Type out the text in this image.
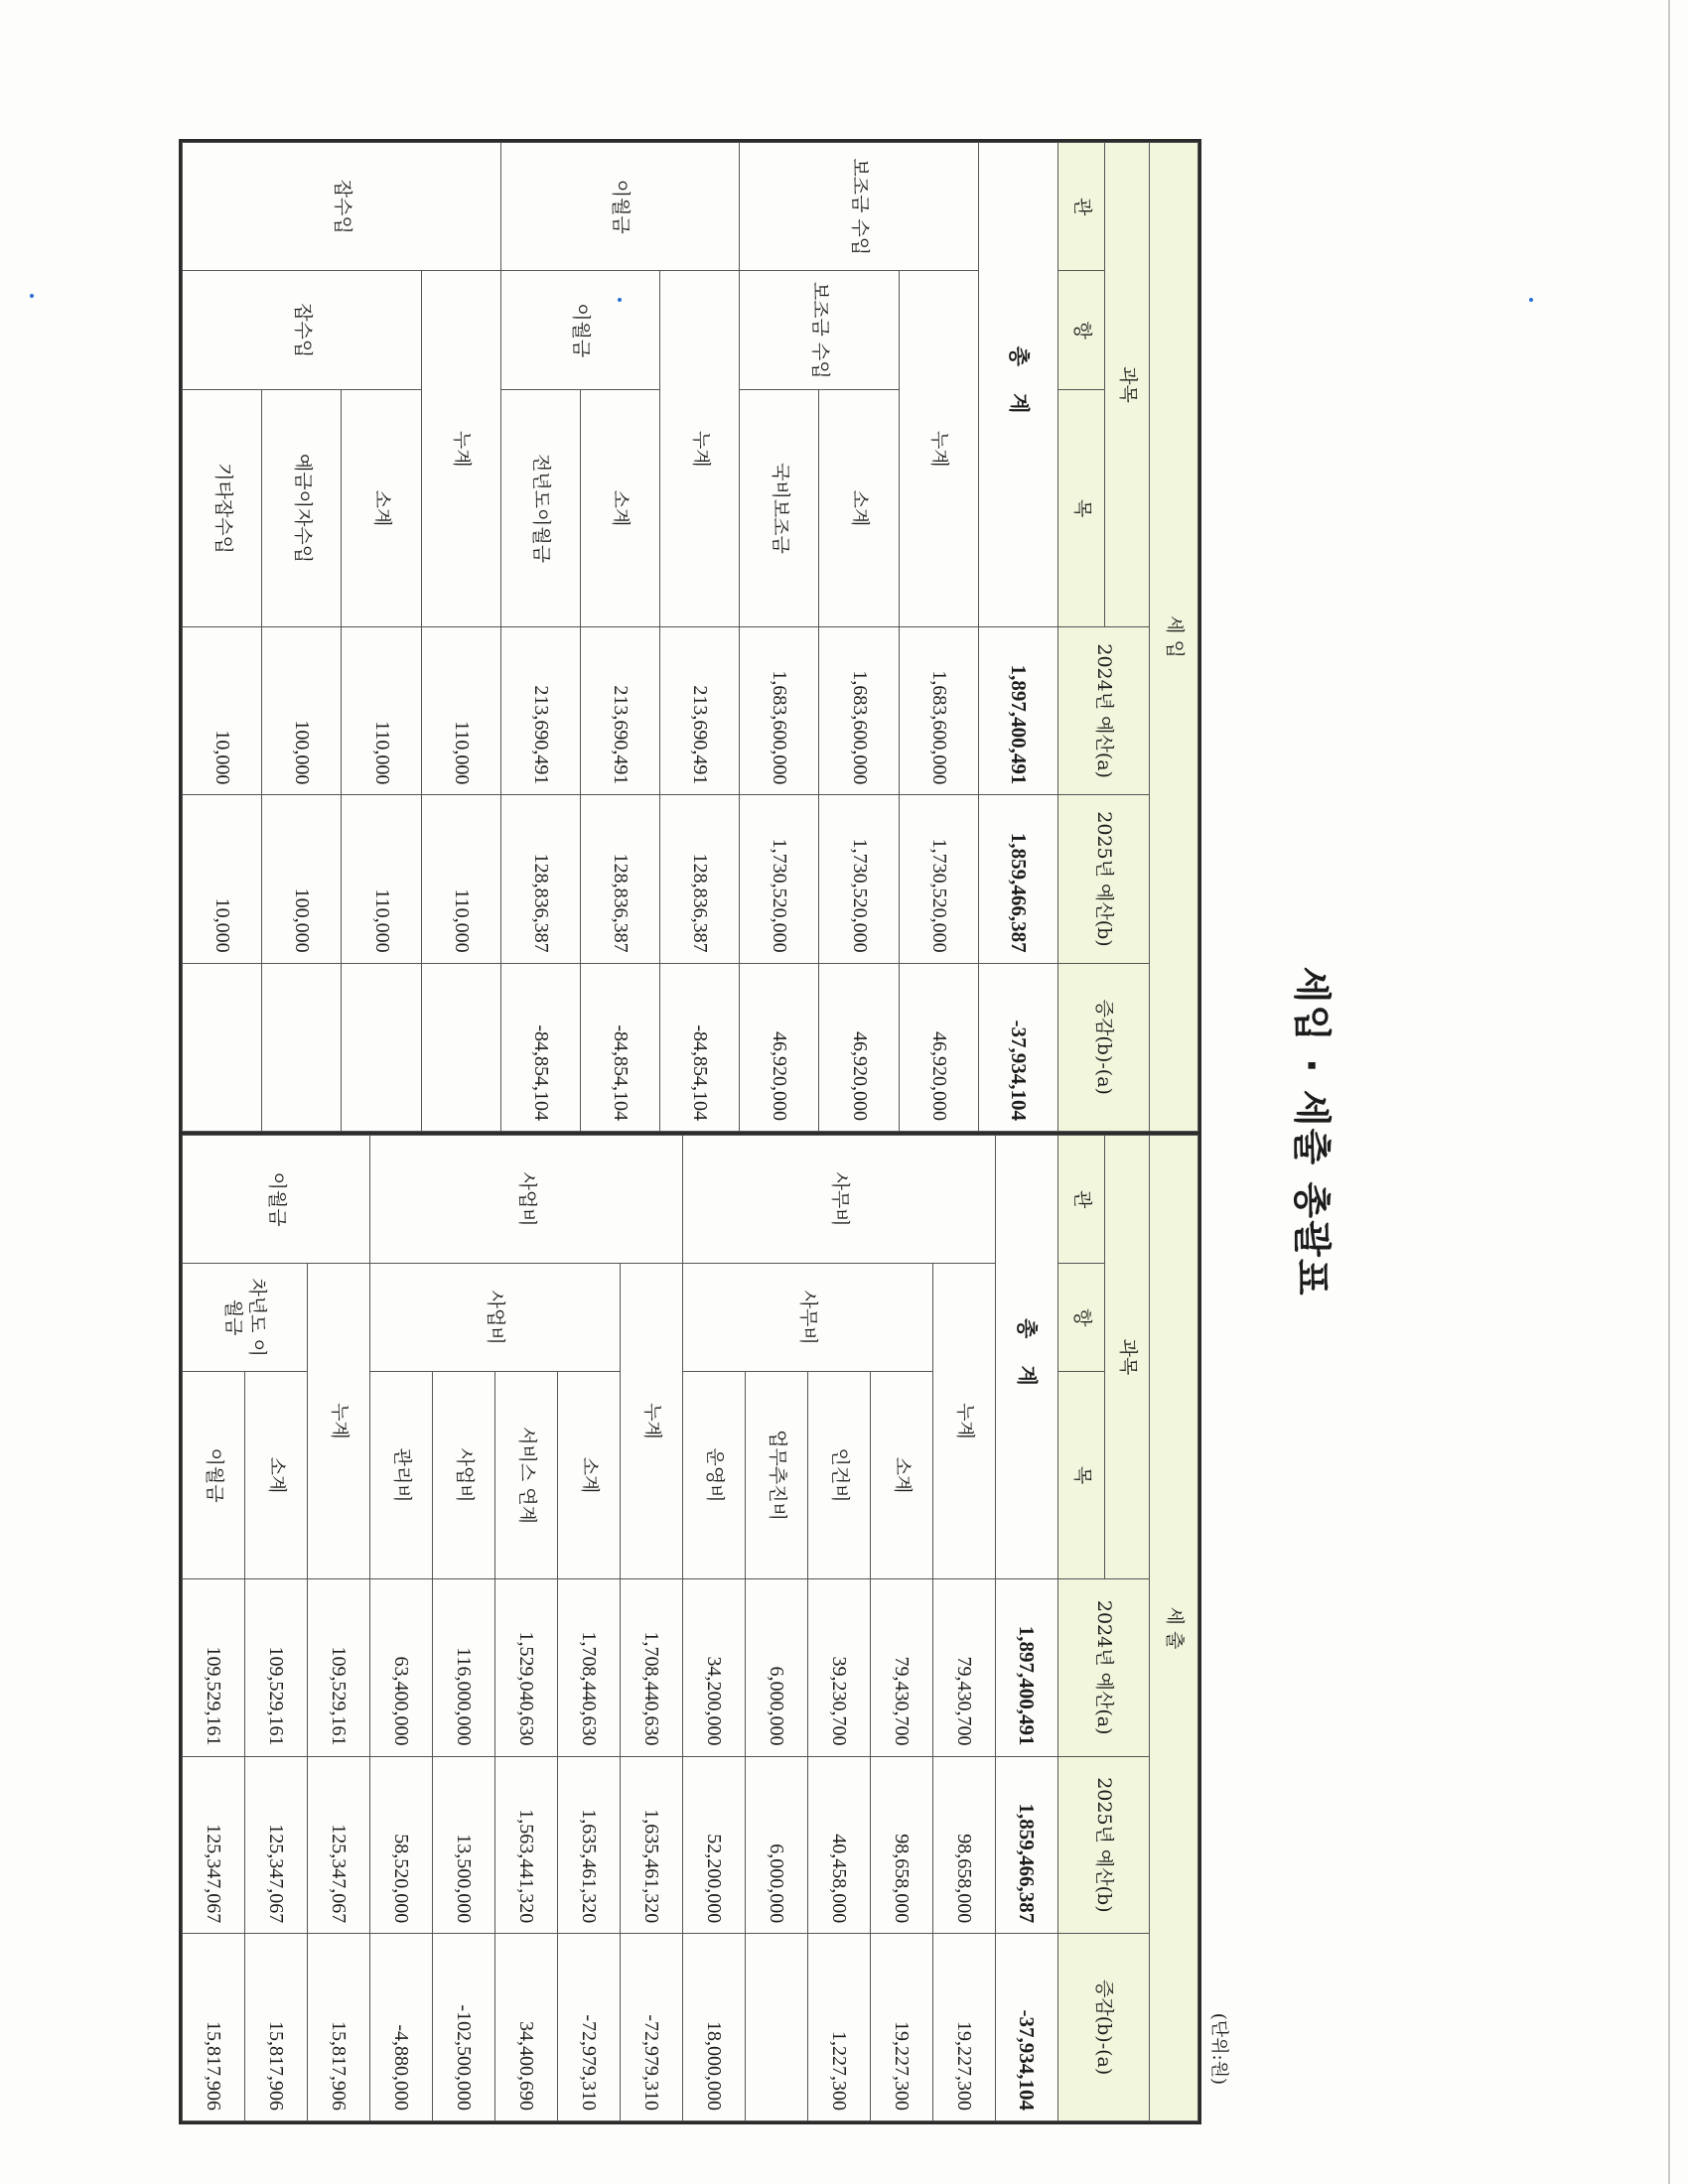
세입 · 세출 총괄표
(단위:원)
세 입					
과목			2024년 예산(a)	2025년 예산(b)	증감(b)-(a)
관	항	목			
총 계			1,897,400,491	1,859,466,387	-37,934,104
보조금 수입	누계		1,683,600,000	1,730,520,000	46,920,000
	보조금 수입	소계	1,683,600,000	1,730,520,000	46,920,000
		국비보조금	1,683,600,000	1,730,520,000	46,920,000
이월금	누계		213,690,491	128,836,387	-84,854,104
	이월금	소계	213,690,491	128,836,387	-84,854,104
		전년도이월금	213,690,491	128,836,387	-84,854,104
잡수입	누계		110,000	110,000	
	잡수입	소계	110,000	110,000	
		예금이자수입	100,000	100,000	
		기타잡수입	10,000	10,000	
세 출					
과목			2024년 예산(a)	2025년 예산(b)	증감(b)-(a)
관	항	목			
총 계			1,897,400,491	1,859,466,387	-37,934,104
사무비	누계		79,430,700	98,658,000	19,227,300
	사무비	소계	79,430,700	98,658,000	19,227,300
		인건비	39,230,700	40,458,000	1,227,300
		업무추진비	6,000,000	6,000,000	
		운영비	34,200,000	52,200,000	18,000,000
사업비	누계		1,708,440,630	1,635,461,320	-72,979,310
	사업비	소계	1,708,440,630	1,635,461,320	-72,979,310
		서비스 연계	1,529,040,630	1,563,441,320	34,400,690
		사업비	116,000,000	13,500,000	-102,500,000
		관리비	63,400,000	58,520,000	-4,880,000
이월금	누계		109,529,161	125,347,067	15,817,906
	차년도 이월금	소계	109,529,161	125,347,067	15,817,906
		이월금	109,529,161	125,347,067	15,817,906
